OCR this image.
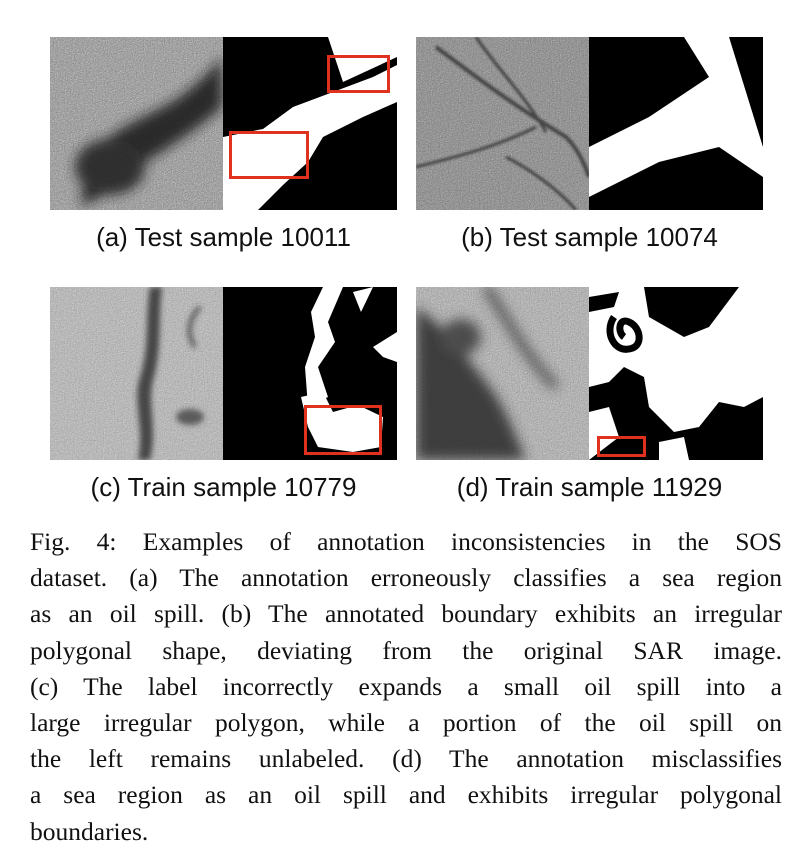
(a) Test sample 10011	(b) Test sample 10074
(c) Train sample 10779	(d) Train sample 11929
Fig. 4: Examples of annotation inconsistencies in the SOS
dataset. (a) The annotation erroneously classifies a sea region
as an oil spill. (b) The annotated boundary exhibits an irregular
polygonal shape, deviating from the original SAR image.
(c) The label incorrectly expands a small oil spill into a
large irregular polygon, while a portion of the oil spill on
the left remains unlabeled. (d) The annotation misclassifies
a sea region as an oil spill and exhibits irregular polygonal
boundaries.
